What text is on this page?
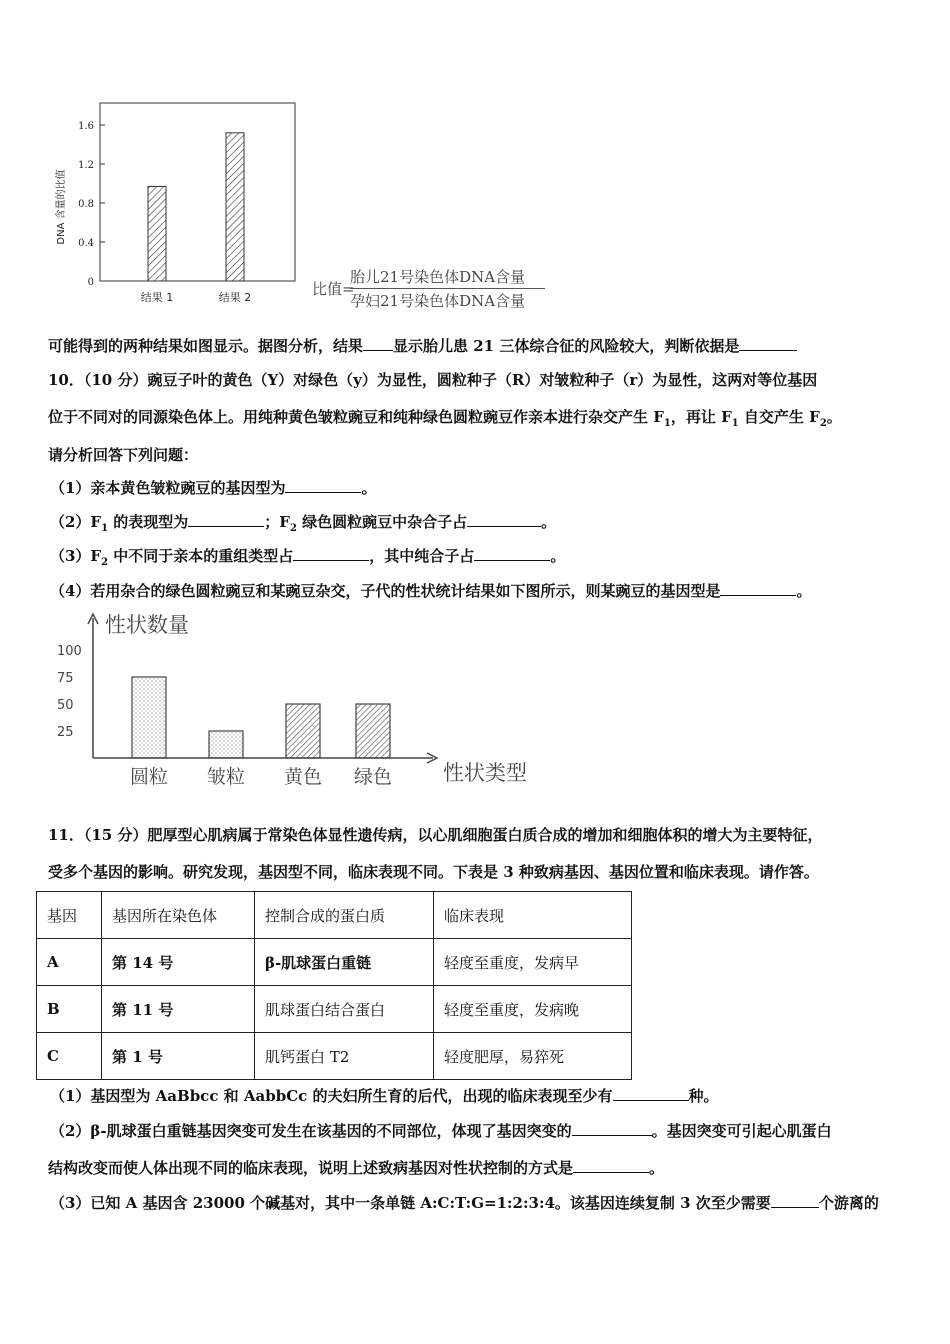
1.6
1.2
0.8
0.4
0
结果 1	结果 2
DNA 含量的比值
比值=
胎儿21号染色体DNA含量
孕妇21号染色体DNA含量
可能得到的两种结果如图显示。据图分析，结果 显示胎儿患 21 三体综合征的风险较大，判断依据是
10．（10 分）豌豆子叶的黄色（Y）对绿色（y）为显性，圆粒种子（R）对皱粒种子（r）为显性，这两对等位基因
位于不同对的同源染色体上。用纯种黄色皱粒豌豆和纯种绿色圆粒豌豆作亲本进行杂交产生 $F_1$，再让 $F_1$ 自交产生 $F_2$。
请分析回答下列问题：
（1）亲本黄色皱粒豌豆的基因型为	。
$(2)F_1$ 的表现型为	；$F_2$ 绿色圆粒豌豆中杂合子占	。
$(3)F_2$ 中不同于亲本的重组类型占	，其中纯合子占	。
（4）若用杂合的绿色圆粒豌豆和某豌豆杂交，子代的性状统计结果如下图所示，则某豌豆的基因型是	。
性状数量
性状类型
100
75
50
25
圆粒 皱粒 黄色 绿色
11．（15 分）肥厚型心肌病属于常染色体显性遗传病，以心肌细胞蛋白质合成的增加和细胞体积的增大为主要特征，
受多个基因的影响。研究发现，基因型不同，临床表现不同。下表是 3 种致病基因、基因位置和临床表现。请作答。
基因	基因所在染色体	控制合成的蛋白质	临床表现
A	第 14 号	β-肌球蛋白重链	轻度至重度，发病早
B	第 11 号	肌球蛋白结合蛋白	轻度至重度，发病晚
C	第 1 号	肌钙蛋白 T2	轻度肥厚，易猝死
（1）基因型为 AaBbcc 和 AabbCc 的夫妇所生育的后代，出现的临床表现至少有	种。
（2）β-肌球蛋白重链基因突变可发生在该基因的不同部位，体现了基因突变的	。基因突变可引起心肌蛋白
结构改变而使人体出现不同的临床表现，说明上述致病基因对性状控制的方式是	。
（3）已知 A 基因含 23000 个碱基对，其中一条单链 A:C:T:G=1:2:3:4。该基因连续复制 3 次至少需要	个游离的
